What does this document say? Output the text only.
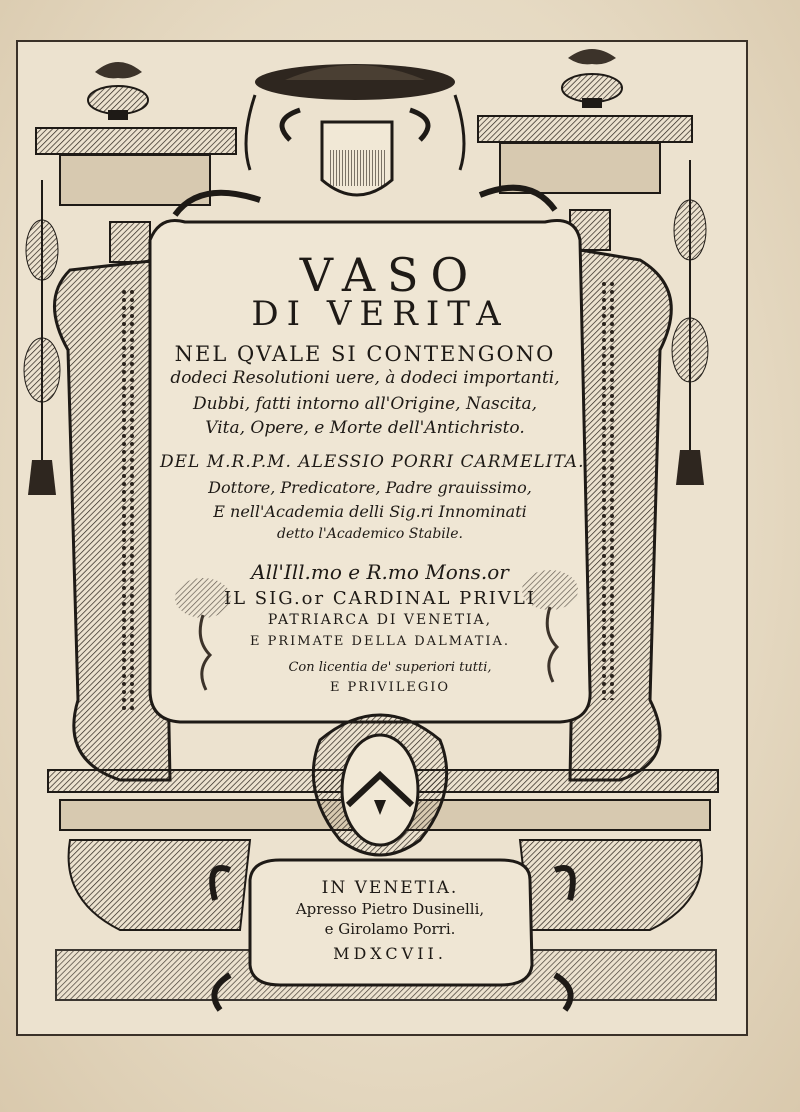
VASO
DI VERITA
NEL QVALE SI CONTENGONO
dodeci Resolutioni uere, à dodeci importanti,
Dubbi, fatti intorno all'Origine, Nascita,
Vita, Opere, e Morte dell'Antichristo.
DEL M.R.P.M. ALESSIO PORRI CARMELITA.
Dottore, Predicatore, Padre grauissimo,
E nell'Academia delli Sig.ri Innominati
detto l'Academico Stabile.
All'Ill.mo e R.mo Mons.or
IL SIG.or CARDINAL PRIVLI
PATRIARCA DI VENETIA,
E PRIMATE DELLA DALMATIA.
Con licentia de' superiori tutti,
E PRIVILEGIO
IN VENETIA.
Apresso Pietro Dusinelli,
e Girolamo Porri.
MDXCVII.
